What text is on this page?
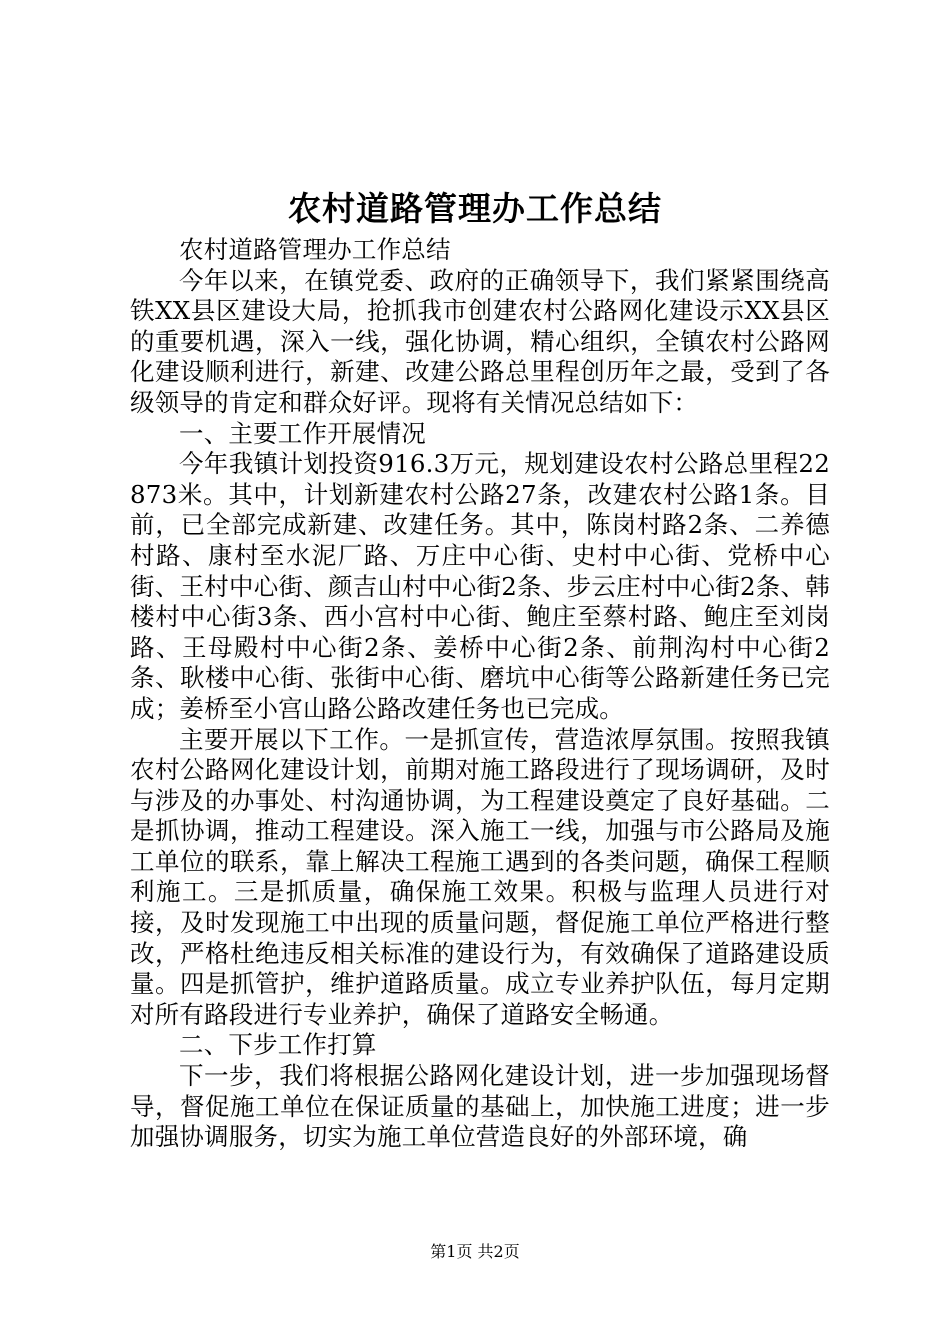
农村道路管理办工作总结

农村道路管理办工作总结

今年以来，在镇党委、政府的正确领导下，我们紧紧围绕高铁XX县区建设大局，抢抓我市创建农村公路网化建设示XX县区的重要机遇，深入一线，强化协调，精心组织，全镇农村公路网化建设顺利进行，新建、改建公路总里程创历年之最，受到了各级领导的肯定和群众好评。现将有关情况总结如下：

一、主要工作开展情况

今年我镇计划投资916.3万元，规划建设农村公路总里程22873米。其中，计划新建农村公路27条，改建农村公路1条。目前，已全部完成新建、改建任务。其中，陈岗村路2条、二养德村路、康村至水泥厂路、万庄中心街、史村中心街、党桥中心街、王村中心街、颜吉山村中心街2条、步云庄村中心街2条、韩楼村中心街3条、西小宫村中心街、鲍庄至蔡村路、鲍庄至刘岗路、王母殿村中心街2条、姜桥中心街2条、前荆沟村中心街2条、耿楼中心街、张街中心街、磨坑中心街等公路新建任务已完成；姜桥至小宫山路公路改建任务也已完成。

主要开展以下工作。一是抓宣传，营造浓厚氛围。按照我镇农村公路网化建设计划，前期对施工路段进行了现场调研，及时与涉及的办事处、村沟通协调，为工程建设奠定了良好基础。二是抓协调，推动工程建设。深入施工一线，加强与市公路局及施工单位的联系，靠上解决工程施工遇到的各类问题，确保工程顺利施工。三是抓质量，确保施工效果。积极与监理人员进行对接，及时发现施工中出现的质量问题，督促施工单位严格进行整改，严格杜绝违反相关标准的建设行为，有效确保了道路建设质量。四是抓管护，维护道路质量。成立专业养护队伍，每月定期对所有路段进行专业养护，确保了道路安全畅通。

二、下步工作打算

下一步，我们将根据公路网化建设计划，进一步加强现场督导，督促施工单位在保证质量的基础上，加快施工进度；进一步加强协调服务，切实为施工单位营造良好的外部环境，确

第1页 共2页
